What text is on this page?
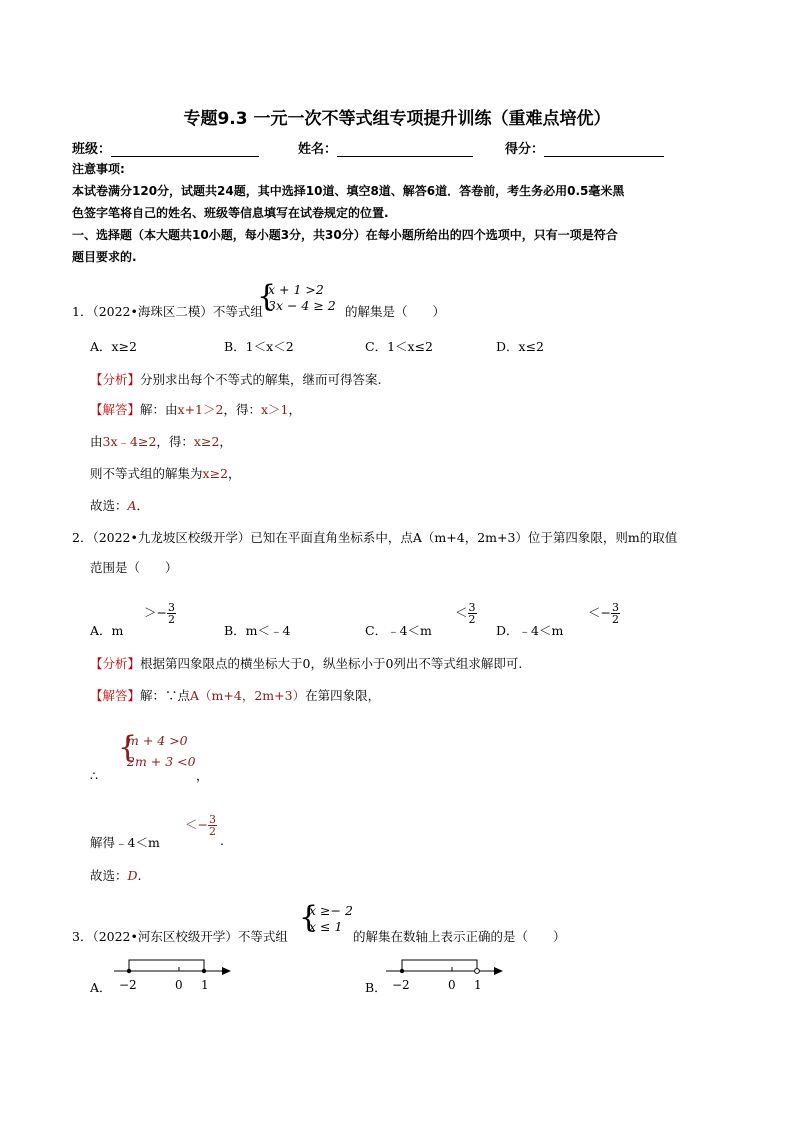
专题9.3 一元一次不等式组专项提升训练（重难点培优）
班级：	姓名：	得分：
注意事项:
本试卷满分120分，试题共24题，其中选择10道、填空8道、解答6道．答卷前，考生务必用0.5毫米黑
色签字笔将自己的姓名、班级等信息填写在试卷规定的位置.
一、选择题（本大题共10小题，每小题3分，共30分）在每小题所给出的四个选项中，只有一项是符合
题目要求的.
1．（2022•海珠区二模）不等式组
{
x + 1 >2
3x − 4 ≥ 2 的解集是（　　）
A．x≥2	B．1＜x＜2	C．1＜x≤2	D．x≤2
【分析】分别求出每个不等式的解集，继而可得答案.
【解答】解：由x+1＞2，得：x＞1，
由3x﹣4≥2，得：x≥2，
则不等式组的解集为x≥2，
故选：A．
2．（2022•九龙坡区校级开学）已知在平面直角坐标系中，点A（m+4，2m+3）位于第四象限，则m的取值
范围是（　　）
A．m
＞− $\frac{3}{2}$
B．m＜﹣4	C．﹣4＜m
＜ $\frac{3}{2}$
D．﹣4＜m
＜− $\frac{3}{2}$
【分析】根据第四象限点的横坐标大于0，纵坐标小于0列出不等式组求解即可.
【解答】解：∵点A（m+4，2m+3）在第四象限，
{
m + 4 >0
2m + 3 <0
∴	，
解得﹣4＜m
＜− $\frac{3}{2}$
.
故选：D.
3．（2022•河东区校级开学）不等式组
{
x ≥− 2
x ≤ 1
的解集在数轴上表示正确的是（　　）
A． −2	0 1	B． −2	0 1
